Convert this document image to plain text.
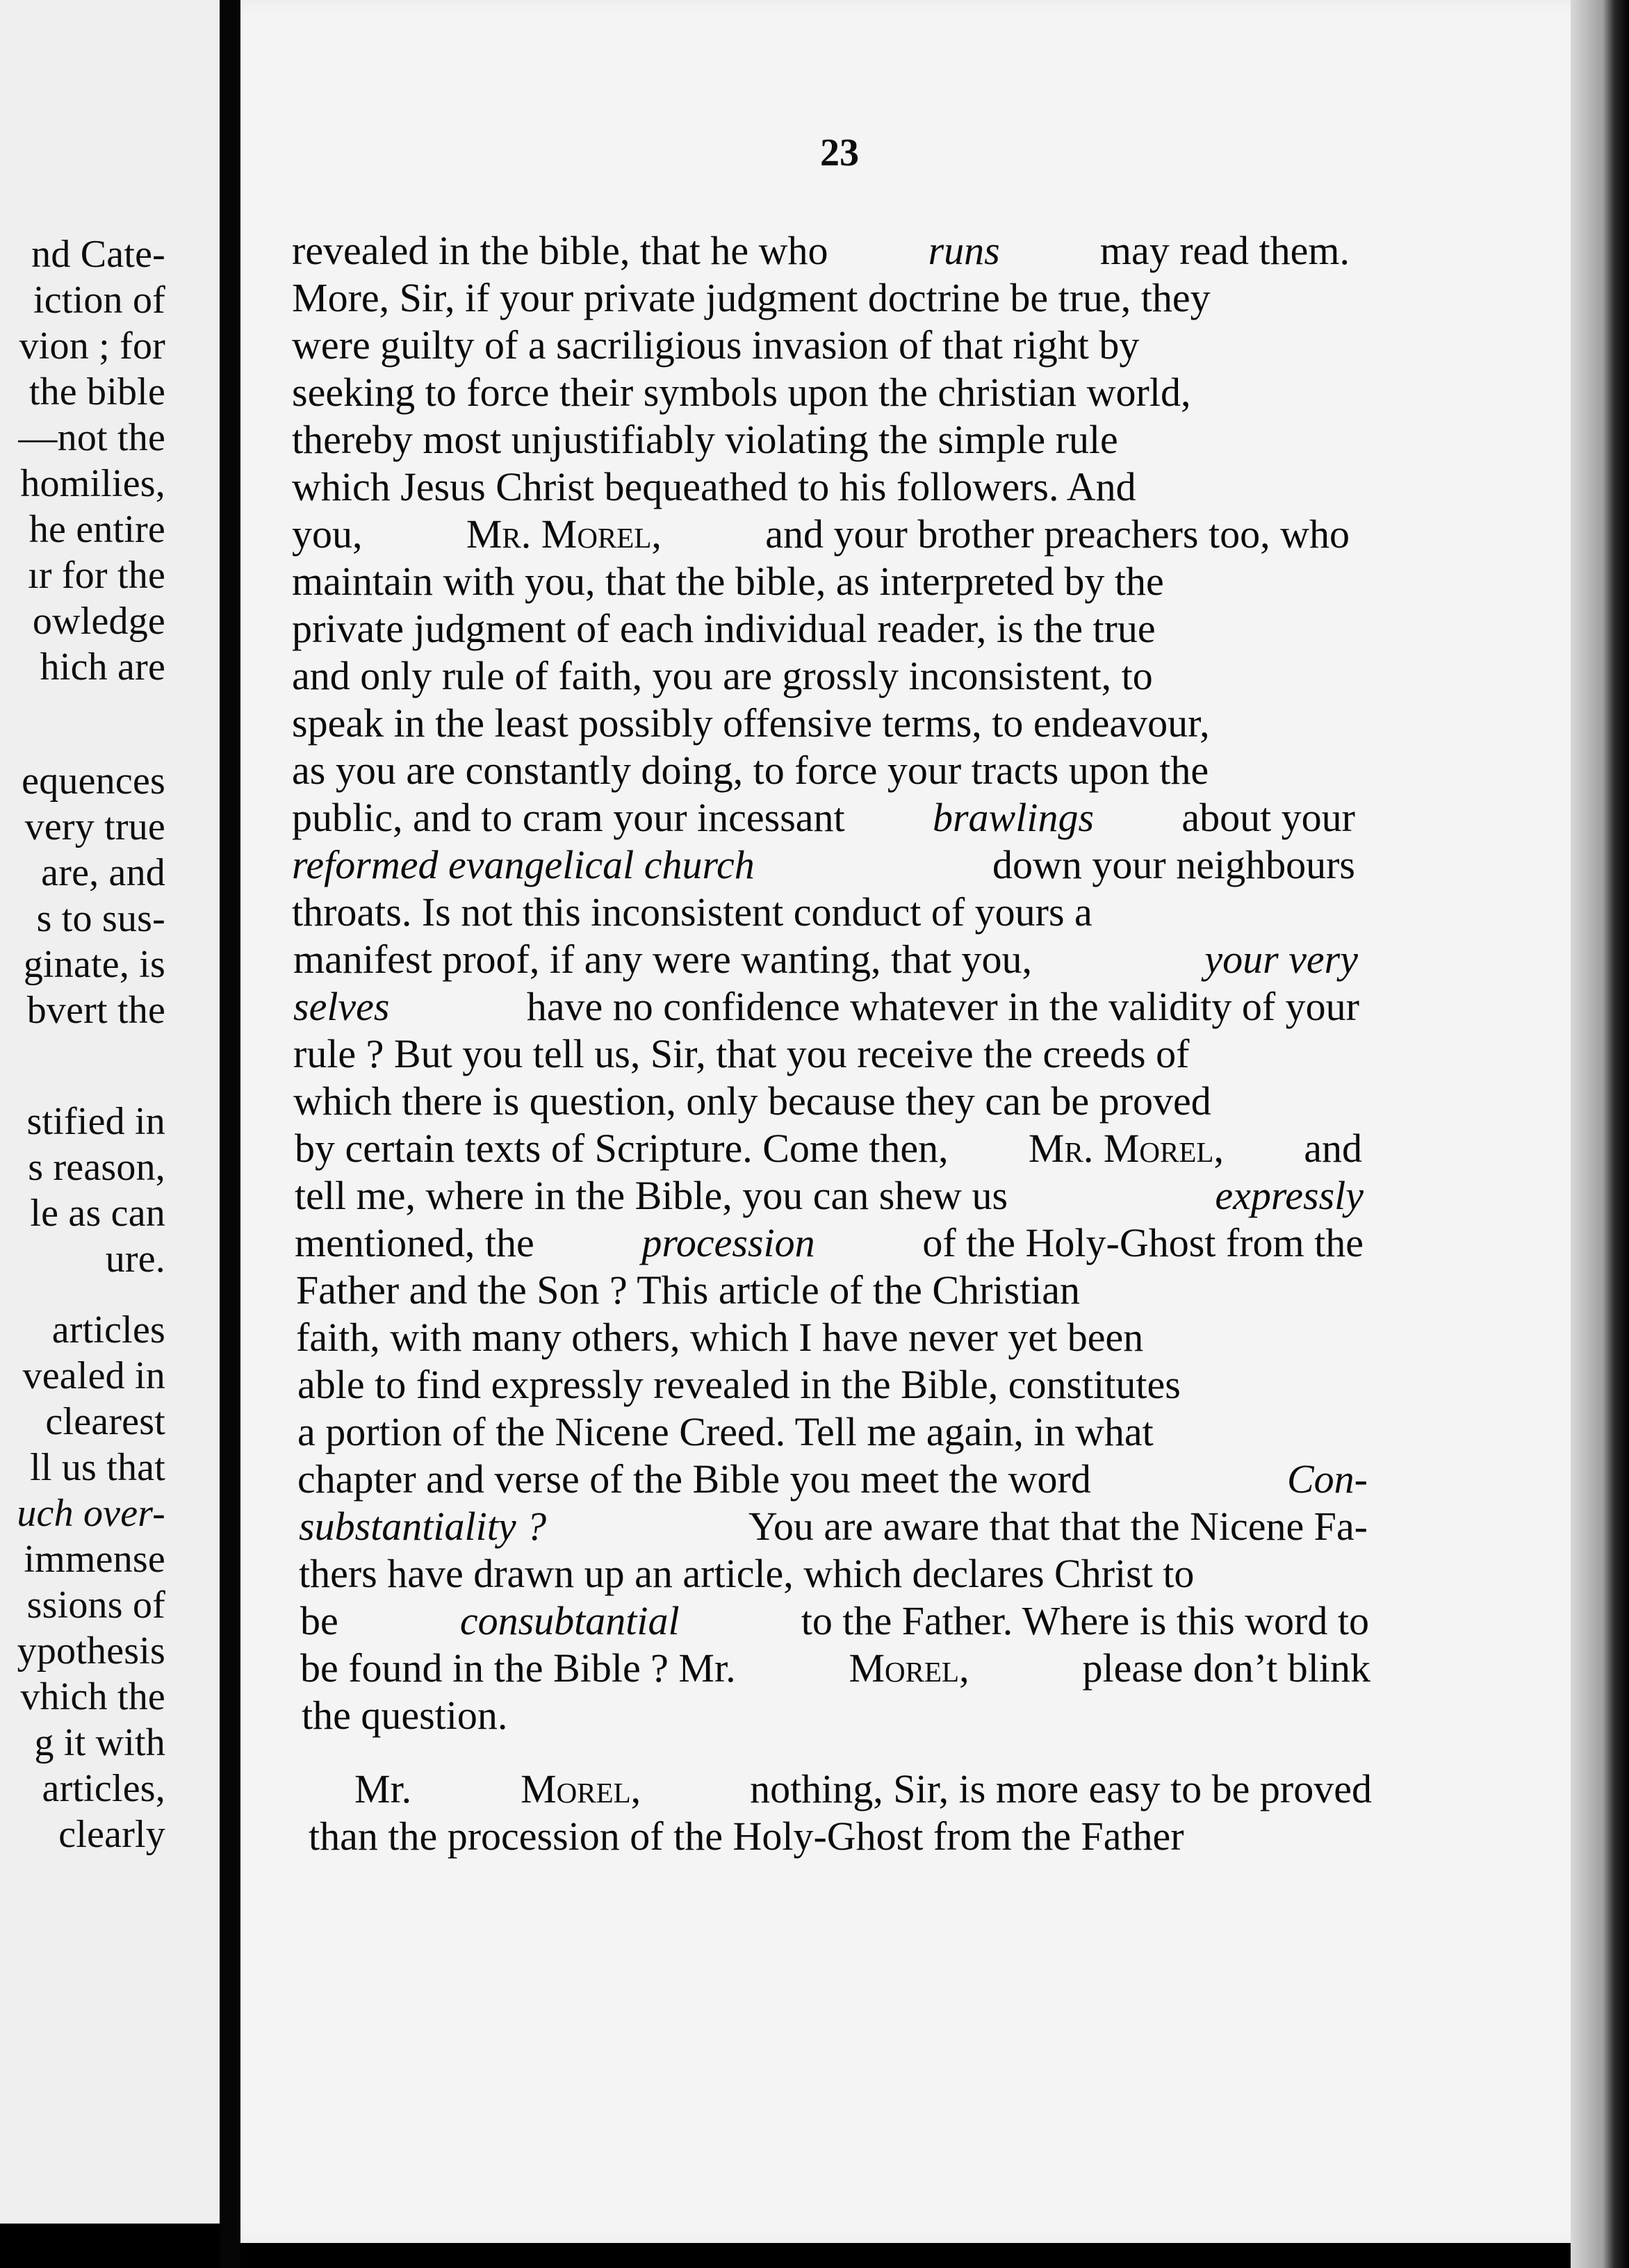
nd Cate-
iction of
vion ; for
the bible
—not the
homilies,
he entire
ır for the
owledge
hich are
equences
very true
are, and
s to sus-
ginate, is
bvert the
stified in
s reason,
le as can
ure.
articles
vealed in
clearest
ll us that
uch over-
immense
ssions of
ypothesis
vhich the
g it with
articles,
clearly
revealed in the bible, that he who runs may read them.
More, Sir, if your private judgment doctrine be true, they
were guilty of a sacriligious invasion of that right by
seeking to force their symbols upon the christian world,
thereby most unjustifiably violating the simple rule
which Jesus Christ bequeathed to his followers. And
you,	Mr. Morel,	and your brother preachers too, who
maintain with you, that the bible, as interpreted by the
private judgment of each individual reader, is the true
and only rule of faith, you are grossly inconsistent, to
speak in the least possibly offensive terms, to endeavour,
as you are constantly doing, to force your tracts upon the
public, and to cram your incessant brawlings about your
reformed evangelical church	down your neighbours
throats. Is not this inconsistent conduct of yours a
manifest proof, if any were wanting, that you,	your very
selves	have no confidence whatever in the validity of your
rule ? But you tell us, Sir, that you receive the creeds of
which there is question, only because they can be proved
by certain texts of Scripture. Come then, Mr. Morel, and
tell me, where in the Bible, you can shew us	expressly
mentioned, the	procession	of the Holy-Ghost from the
Father and the Son ? This article of the Christian
faith, with many others, which I have never yet been
able to find expressly revealed in the Bible, constitutes
a portion of the Nicene Creed. Tell me again, in what
chapter and verse of the Bible you meet the word	Con-
substantiality ?	You are aware that that the Nicene Fa-
thers have drawn up an article, which declares Christ to
be	consubtantial	to the Father. Where is this word to
be found in the Bible ? Mr.	Morel,	please don’t blink
the question.
Mr.	Morel,	nothing, Sir, is more easy to be proved
than the procession of the Holy-Ghost from the Father
